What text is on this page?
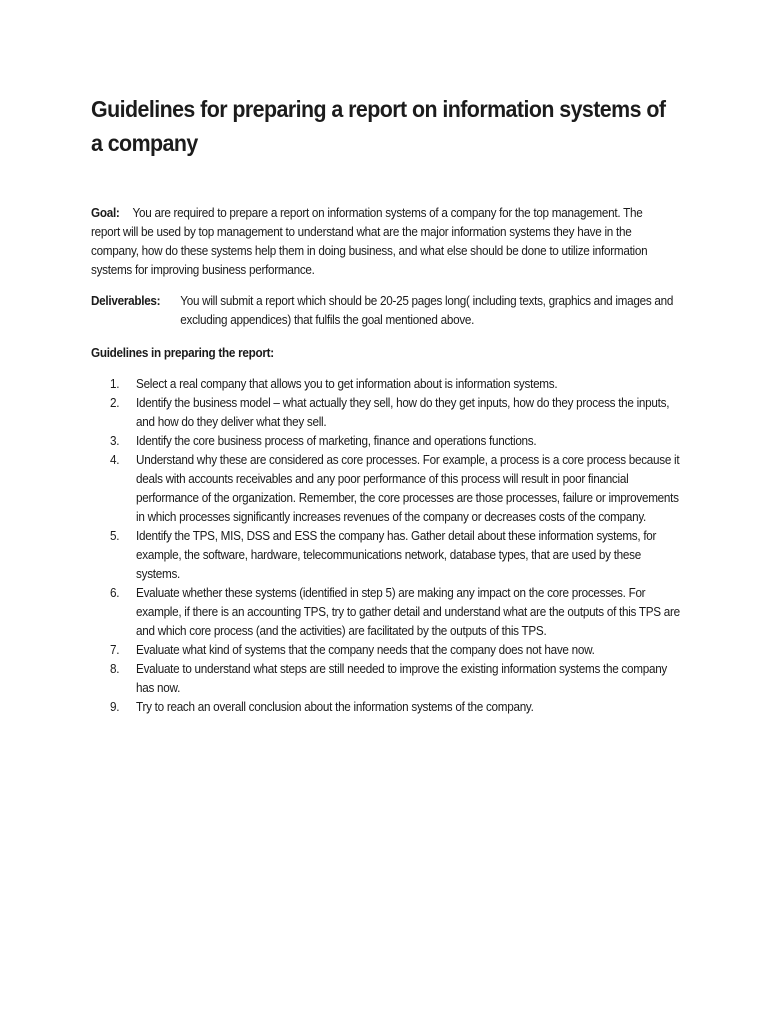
Guidelines for preparing a report on information systems of a company
Goal: You are required to prepare a report on information systems of a company for the top management. The report will be used by top management to understand what are the major information systems they have in the company, how do these systems help them in doing business, and what else should be done to utilize information systems for improving business performance.
Deliverables: You will submit a report which should be 20-25 pages long( including texts, graphics and images and excluding appendices) that fulfils the goal mentioned above.
Guidelines in preparing the report:
1. Select a real company that allows you to get information about is information systems.
2. Identify the business model – what actually they sell, how do they get inputs, how do they process the inputs, and how do they deliver what they sell.
3. Identify the core business process of marketing, finance and operations functions.
4. Understand why these are considered as core processes. For example, a process is a core process because it deals with accounts receivables and any poor performance of this process will result in poor financial performance of the organization. Remember, the core processes are those processes, failure or improvements in which processes significantly increases revenues of the company or decreases costs of the company.
5. Identify the TPS, MIS, DSS and ESS the company has. Gather detail about these information systems, for example, the software, hardware, telecommunications network, database types, that are used by these systems.
6. Evaluate whether these systems (identified in step 5) are making any impact on the core processes. For example, if there is an accounting TPS, try to gather detail and understand what are the outputs of this TPS are and which core process (and the activities) are facilitated by the outputs of this TPS.
7. Evaluate what kind of systems that the company needs that the company does not have now.
8. Evaluate to understand what steps are still needed to improve the existing information systems the company has now.
9. Try to reach an overall conclusion about the information systems of the company.
